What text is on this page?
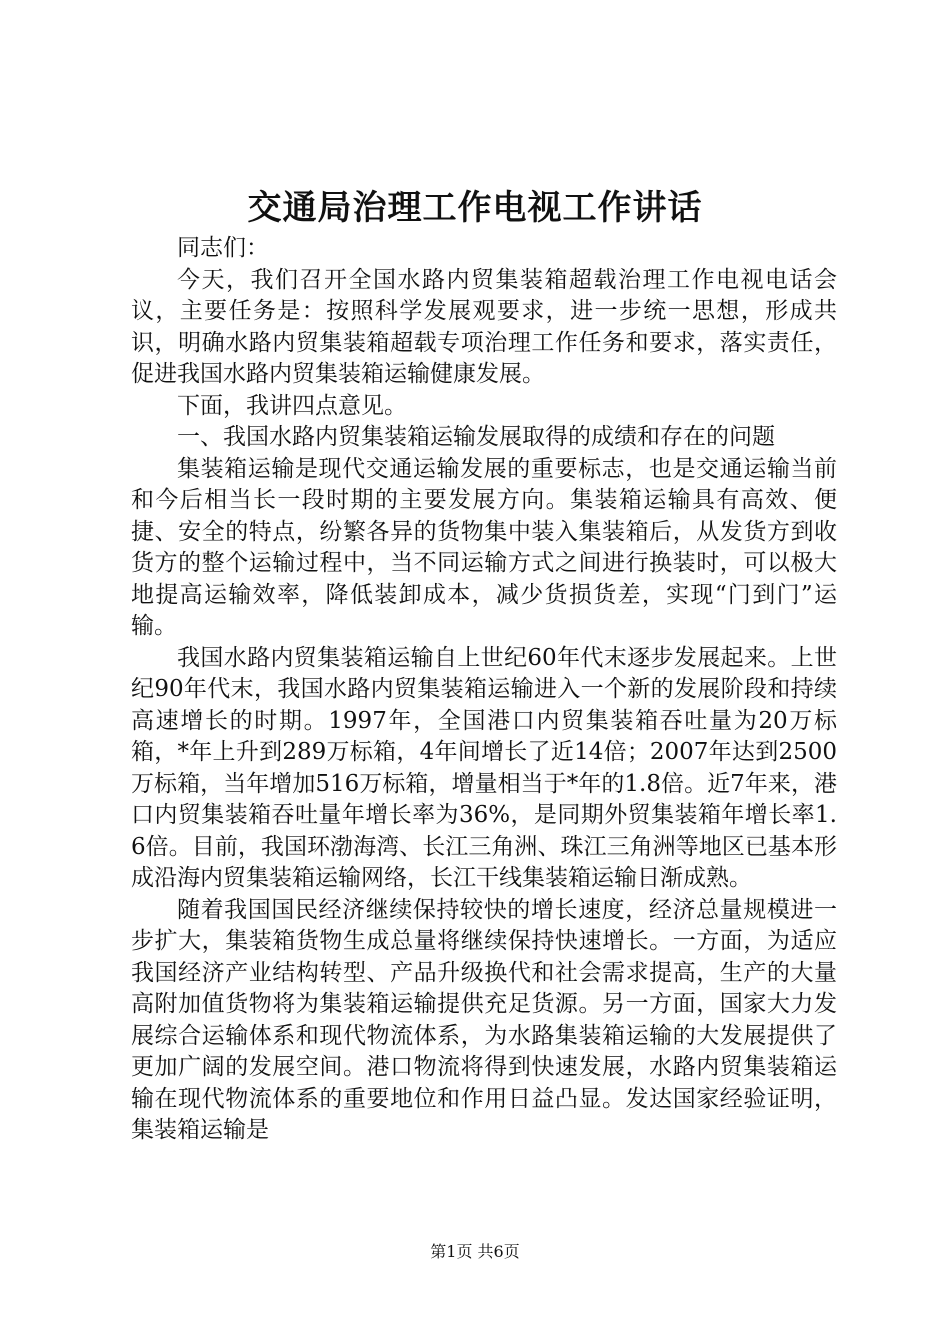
交通局治理工作电视工作讲话

同志们：

今天，我们召开全国水路内贸集装箱超载治理工作电视电话会议，主要任务是：按照科学发展观要求，进一步统一思想，形成共识，明确水路内贸集装箱超载专项治理工作任务和要求，落实责任，促进我国水路内贸集装箱运输健康发展。

下面，我讲四点意见。

一、我国水路内贸集装箱运输发展取得的成绩和存在的问题

集装箱运输是现代交通运输发展的重要标志，也是交通运输当前和今后相当长一段时期的主要发展方向。集装箱运输具有高效、便捷、安全的特点，纷繁各异的货物集中装入集装箱后，从发货方到收货方的整个运输过程中，当不同运输方式之间进行换装时，可以极大地提高运输效率，降低装卸成本，减少货损货差，实现“门到门”运输。

我国水路内贸集装箱运输自上世纪60年代末逐步发展起来。上世纪90年代末，我国水路内贸集装箱运输进入一个新的发展阶段和持续高速增长的时期。1997年，全国港口内贸集装箱吞吐量为20万标箱，*年上升到289万标箱，4年间增长了近14倍；2007年达到2500万标箱，当年增加516万标箱，增量相当于*年的1.8倍。近7年来，港口内贸集装箱吞吐量年增长率为36%，是同期外贸集装箱年增长率1.6倍。目前，我国环渤海湾、长江三角洲、珠江三角洲等地区已基本形成沿海内贸集装箱运输网络，长江干线集装箱运输日渐成熟。

随着我国国民经济继续保持较快的增长速度，经济总量规模进一步扩大，集装箱货物生成总量将继续保持快速增长。一方面，为适应我国经济产业结构转型、产品升级换代和社会需求提高，生产的大量高附加值货物将为集装箱运输提供充足货源。另一方面，国家大力发展综合运输体系和现代物流体系，为水路集装箱运输的大发展提供了更加广阔的发展空间。港口物流将得到快速发展，水路内贸集装箱运输在现代物流体系的重要地位和作用日益凸显。发达国家经验证明，集装箱运输是

第1页 共6页
